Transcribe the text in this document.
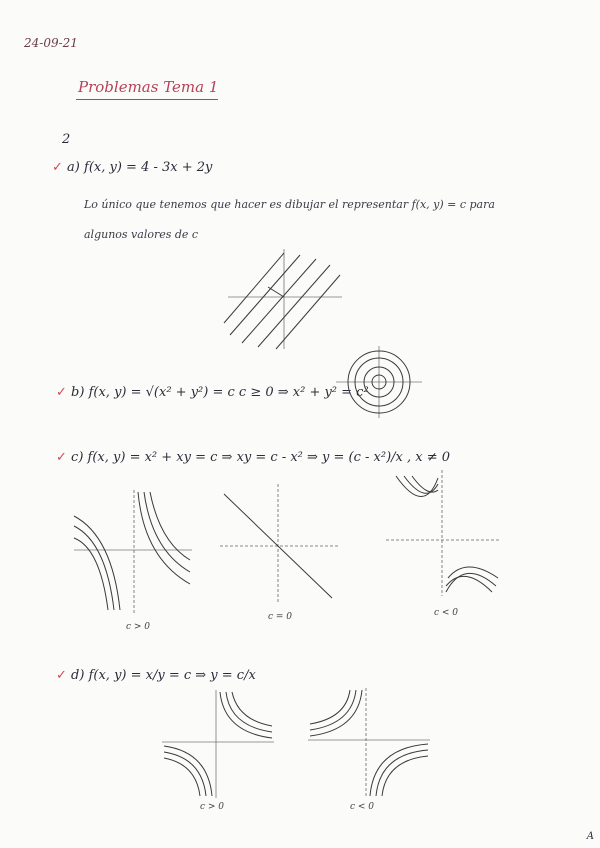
24-09-21
Problemas Tema 1
2
✓ a) f(x, y) = 4 - 3x + 2y
Lo único que tenemos que hacer es dibujar el representar f(x, y) = c para
algunos valores de c
✓ b) f(x, y) = √(x² + y²) = c c ≥ 0 ⇒ x² + y² = c²
✓ c) f(x, y) = x² + xy = c ⇒ xy = c - x² ⇒ y = (c - x²)/x , x ≠ 0
c > 0
c = 0	c < 0
✓ d) f(x, y) = x/y = c ⇒ y = c/x
c > 0	c < 0
A
